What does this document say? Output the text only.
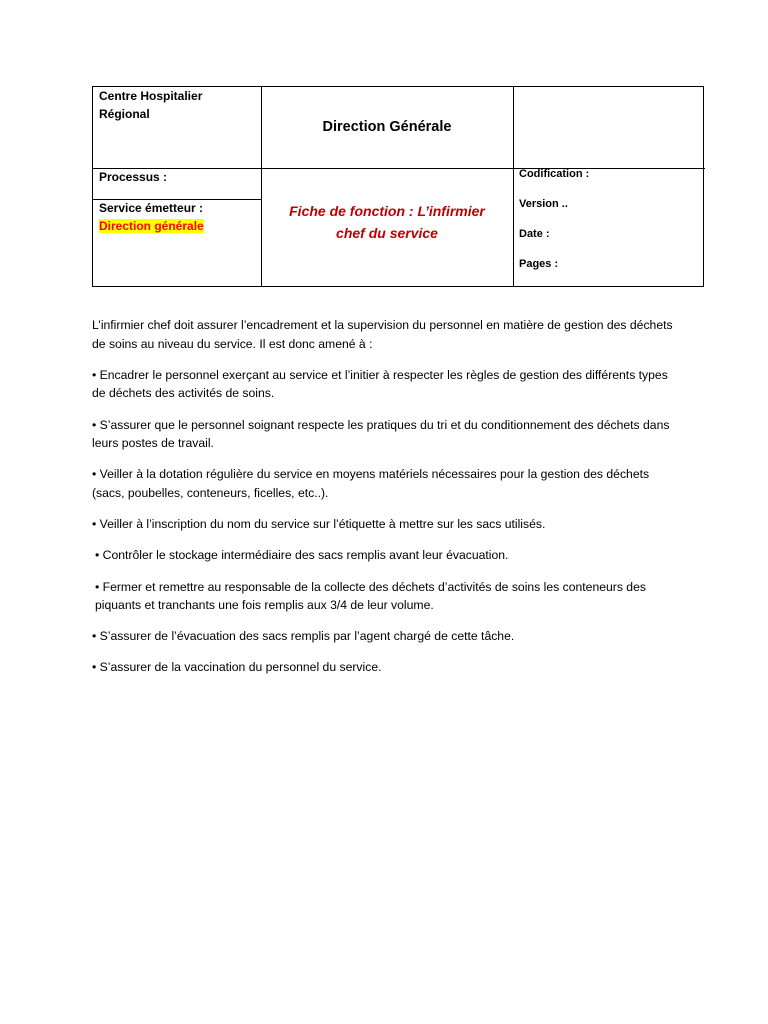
Centre Hospitalier
Régional
Direction Générale
Processus :
Service émetteur :
Direction générale
Fiche de fonction : L’infirmier
chef du service
Codification :
Version ..
Date :
Pages :

L’infirmier chef doit assurer l’encadrement et la supervision du personnel en matière de gestion des déchets de soins au niveau du service. Il est donc amené à :

• Encadrer le personnel exerçant au service et l’initier à respecter les règles de gestion des différents types de déchets des activités de soins.

• S’assurer que le personnel soignant respecte les pratiques du tri et du conditionnement des déchets dans leurs postes de travail.

• Veiller à la dotation régulière du service en moyens matériels nécessaires pour la gestion des déchets (sacs, poubelles, conteneurs, ficelles, etc..).

• Veiller à l’inscription du nom du service sur l’étiquette à mettre sur les sacs utilisés.

• Contrôler le stockage intermédiaire des sacs remplis avant leur évacuation.

• Fermer et remettre au responsable de la collecte des déchets d’activités de soins les conteneurs des piquants et tranchants une fois remplis aux 3/4 de leur volume.

• S’assurer de l’évacuation des sacs remplis par l’agent chargé de cette tâche.

• S’assurer de la vaccination du personnel du service.
